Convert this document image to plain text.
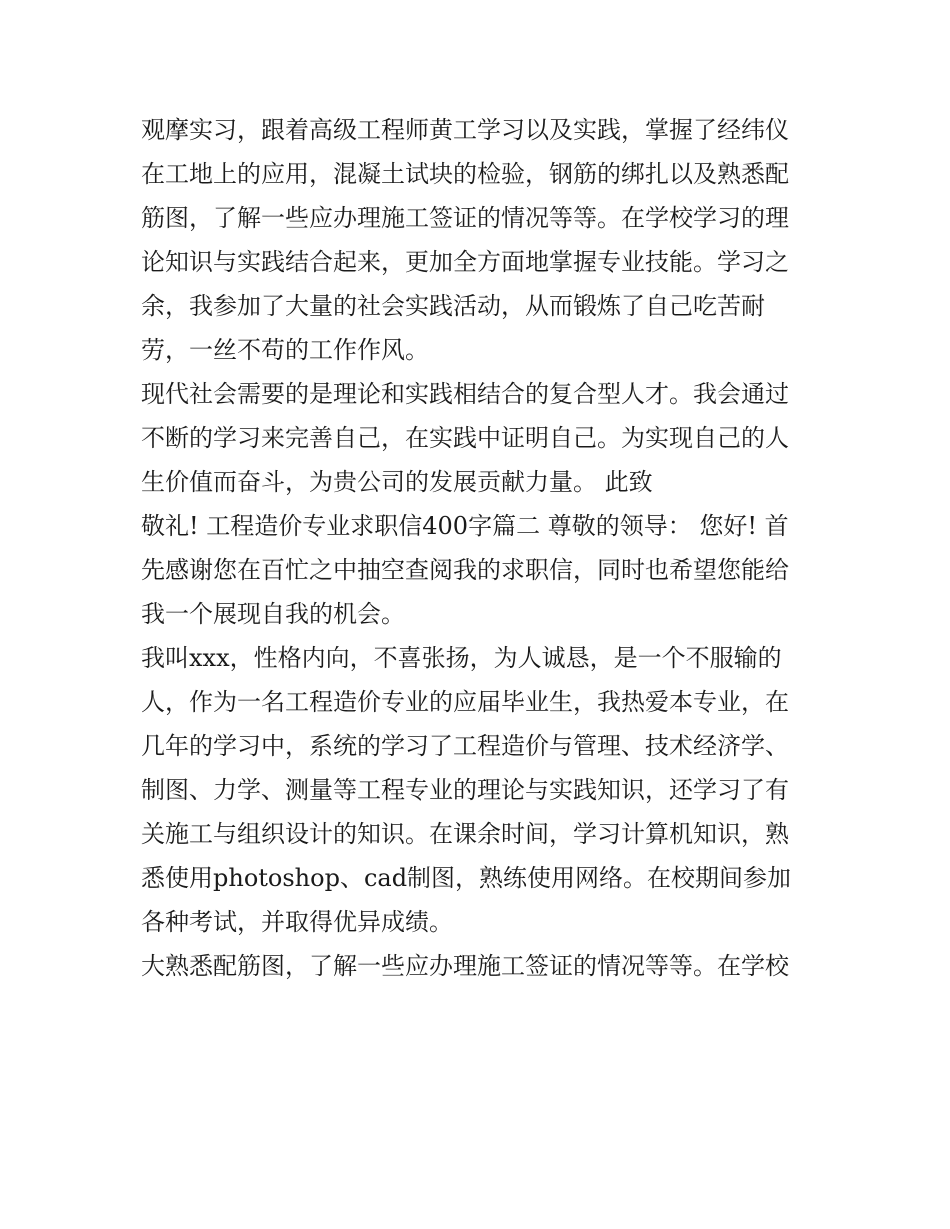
观摩实习，跟着高级工程师黄工学习以及实践，掌握了经纬仪
在工地上的应用，混凝土试块的检验，钢筋的绑扎以及熟悉配
筋图，了解一些应办理施工签证的情况等等。在学校学习的理
论知识与实践结合起来，更加全方面地掌握专业技能。学习之
余，我参加了大量的社会实践活动，从而锻炼了自己吃苦耐
劳，一丝不苟的工作作风。
现代社会需要的是理论和实践相结合的复合型人才。我会通过
不断的学习来完善自己，在实践中证明自己。为实现自己的人
生价值而奋斗，为贵公司的发展贡献力量。 此致
敬礼! 工程造价专业求职信400字篇二 尊敬的领导： 您好! 首
先感谢您在百忙之中抽空查阅我的求职信，同时也希望您能给
我一个展现自我的机会。
我叫xxx，性格内向，不喜张扬，为人诚恳，是一个不服输的
人，作为一名工程造价专业的应届毕业生，我热爱本专业，在
几年的学习中，系统的学习了工程造价与管理、技术经济学、
制图、力学、测量等工程专业的理论与实践知识，还学习了有
关施工与组织设计的知识。在课余时间，学习计算机知识，熟
悉使用photoshop、cad制图，熟练使用网络。在校期间参加
各种考试，并取得优异成绩。
大熟悉配筋图，了解一些应办理施工签证的情况等等。在学校
